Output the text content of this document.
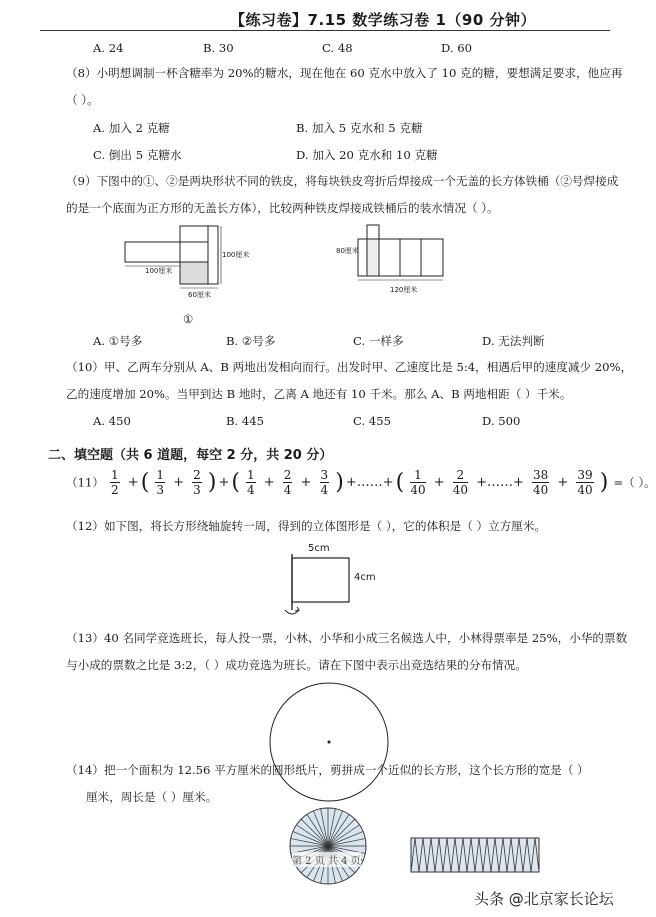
【练习卷】7.15 数学练习卷 1（90 分钟）
A. 24	B. 30	C. 48	D. 60
（8）小明想调制一杯含糖率为 20%的糖水，现在他在 60 克水中放入了 10 克的糖，要想满足要求，他应再
（ ）。
A. 加入 2 克糖	B. 加入 5 克水和 5 克糖
C. 倒出 5 克糖水	D. 加入 20 克水和 10 克糖
（9）下图中的①、②是两块形状不同的铁皮，将每块铁皮弯折后焊接成一个无盖的长方体铁桶（②号焊接成
的是一个底面为正方形的无盖长方体），比较两种铁皮焊接成铁桶后的装水情况（ ）。
100厘米
100厘米
60厘米
①
80厘米
120厘米
A. ①号多	B. ②号多	C. 一样多	D. 无法判断
（10）甲、乙两车分别从 A、B 两地出发相向而行。出发时甲、乙速度比是 5:4，相遇后甲的速度减少 20%，
乙的速度增加 20%。当甲到达 B 地时，乙离 A 地还有 10 千米。那么 A、B 两地相距（ ）千米。
A. 450	B. 445	C. 455	D. 500
二、填空题（共 6 道题，每空 2 分，共 20 分）
$(11) \frac{1}{2}$ +( $\frac{1}{3} + \frac{2}{3}$ ) +( $\frac{1}{4} + \frac{2}{4} + \frac{3}{4}$ ) +……+( $\frac{1}{40} + \frac{2}{40}$ +……+ $\frac{38}{40} + \frac{39}{40}$ ) =（ ）。
（12）如下图，将长方形绕轴旋转一周，得到的立体图形是（ ），它的体积是（ ）立方厘米。
5cm
4cm
（13）40 名同学竞选班长，每人投一票，小林、小华和小成三名候选人中，小林得票率是 25%，小华的票数
与小成的票数之比是 3:2，（ ）成功竞选为班长。请在下图中表示出竞选结果的分布情况。
（14）把一个面积为 12.56 平方厘米的圆形纸片，剪拼成一个近似的长方形，这个长方形的宽是（ ）
厘米，周长是（ ）厘米。
第 2 页 共 4 页
头条 @北京家长论坛
